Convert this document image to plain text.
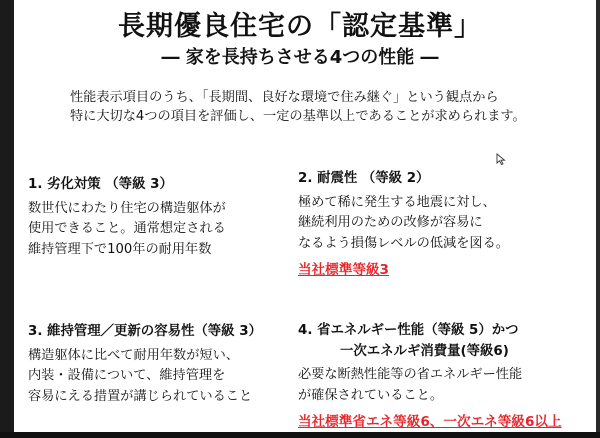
長期優良住宅の「認定基準」
― 家を長持ちさせる4つの性能 ―
性能表示項目のうち、「長期間、良好な環境で住み継ぐ」という観点から
特に大切な4つの項目を評価し、一定の基準以上であることが求められます。
1. 劣化対策 （等級 3）
数世代にわたり住宅の構造躯体が
使用できること。通常想定される
維持管理下で100年の耐用年数
2. 耐震性 （等級 2）
極めて稀に発生する地震に対し、
継続利用のための改修が容易に
なるよう損傷レベルの低減を図る。
当社標準等級3
3. 維持管理／更新の容易性（等級 3）
構造躯体に比べて耐用年数が短い、
内装・設備について、維持管理を
容易にえる措置が講じられていること
4. 省エネルギー性能（等級 5）かつ
一次エネルギ消費量(等級6)
必要な断熱性能等の省エネルギー性能
が確保されていること。
当社標準省エネ等級6、一次エネ等級6以上
